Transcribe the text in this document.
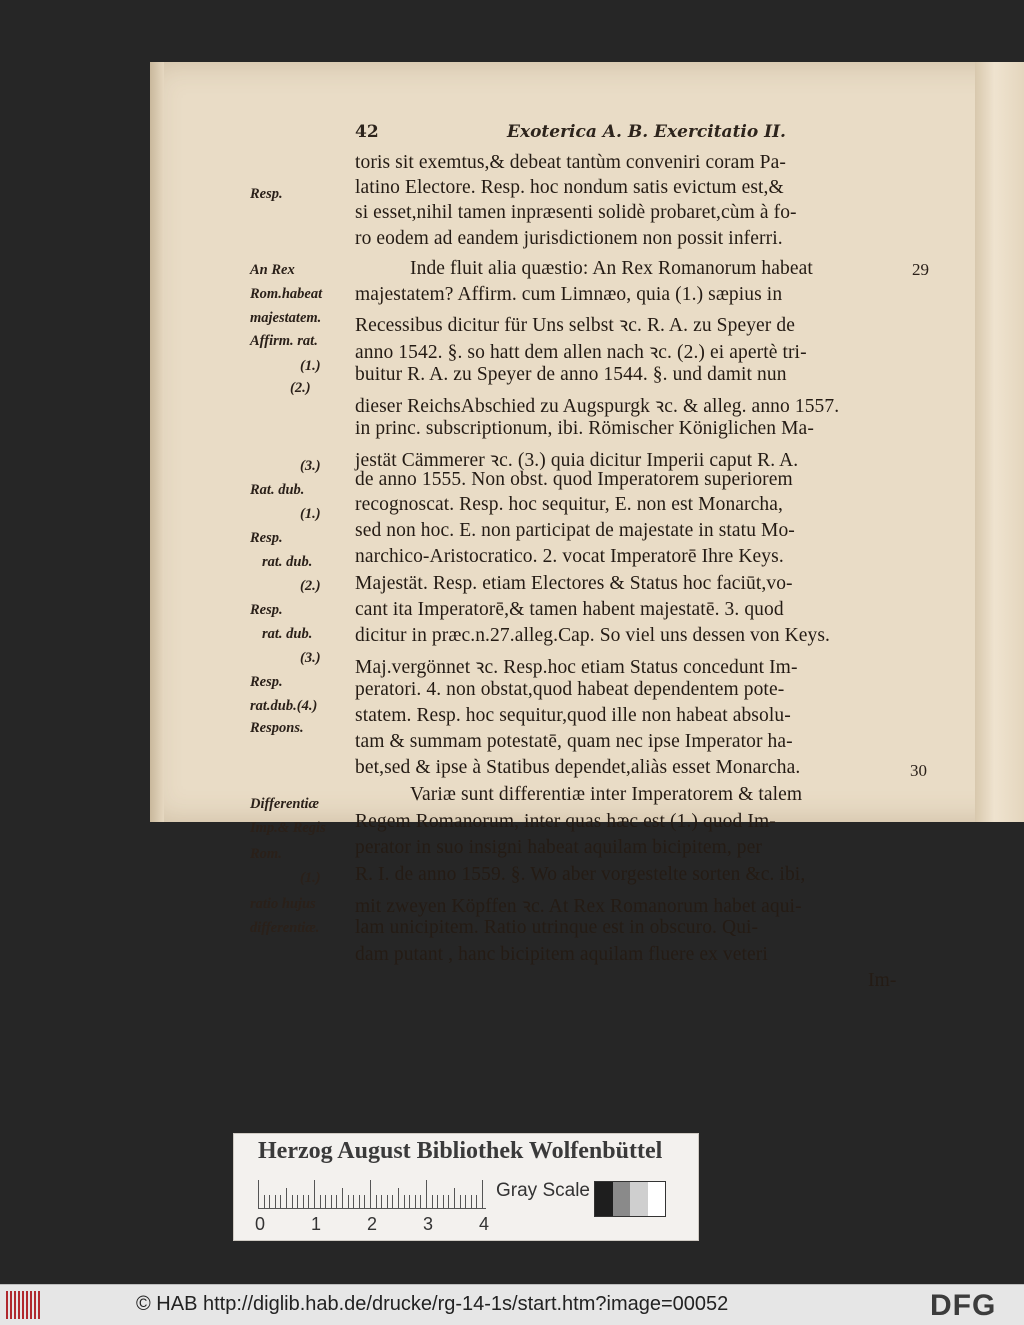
42	Exoterica A. B. Exercitatio II.
toris sit exemtus,& debeat tantùm conveniri coram Pa-
latino Electore. Resp. hoc nondum satis evictum est,&
si esset,nihil tamen inpræsenti solidè probaret,cùm à fo-
ro eodem ad eandem jurisdictionem non possit inferri.
Inde fluit alia quæstio: An Rex Romanorum habeat
majestatem? Affirm. cum Limnæo, quia (1.) sæpius in
Recessibus dicitur für Uns selbst ꝛc. R. A. zu Speyer de
anno 1542. §. so hatt dem allen nach ꝛc. (2.) ei apertè tri-
buitur R. A. zu Speyer de anno 1544. §. und damit nun
dieser ReichsAbschied zu Augspurgk ꝛc. & alleg. anno 1557.
in princ. subscriptionum, ibi. Römischer Königlichen Ma-
jestät Cämmerer ꝛc. (3.) quia dicitur Imperii caput R. A.
de anno 1555. Non obst. quod Imperatorem superiorem
recognoscat. Resp. hoc sequitur, E. non est Monarcha,
sed non hoc. E. non participat de majestate in statu Mo-
narchico-Aristocratico. 2. vocat Imperatorē Ihre Keys.
Majestät. Resp. etiam Electores & Status hoc faciūt,vo-
cant ita Imperatorē,& tamen habent majestatē. 3. quod
dicitur in præc.n.27.alleg.Cap. So viel uns dessen von Keys.
Maj.vergönnet ꝛc. Resp.hoc etiam Status concedunt Im-
peratori. 4. non obstat,quod habeat dependentem pote-
statem. Resp. hoc sequitur,quod ille non habeat absolu-
tam & summam potestatē, quam nec ipse Imperator ha-
bet,sed & ipse à Statibus dependet,aliàs esset Monarcha.
Variæ sunt differentiæ inter Imperatorem & talem
Regem Romanorum, inter quas hæc est (1.) quod Im-
perator in suo insigni habeat aquilam bicipitem, per
R. I. de anno 1559. §. Wo aber vorgestelte sorten &c. ibi,
mit zweyen Köpffen ꝛc. At Rex Romanorum habet aqui-
lam unicipitem. Ratio utrinque est in obscuro. Qui-
dam putant , hanc bicipitem aquilam fluere ex veteri
Im-
Resp.
An Rex
Rom.habeat
majestatem.
Affirm. rat.
(1.)
(2.)
(3.)
Rat. dub.
(1.)
Resp.
rat. dub.
(2.)
Resp.
rat. dub.
(3.)
Resp.
rat.dub.(4.)
Respons.
Differentiæ
Imp.& Regis
Rom.
(1.)
ratio hujus
differentiæ.
29
30
Herzog August Bibliothek Wolfenbüttel
0	1	2	3	4
Gray Scale
© HAB http://diglib.hab.de/drucke/rg-14-1s/start.htm?image=00052	DFG
